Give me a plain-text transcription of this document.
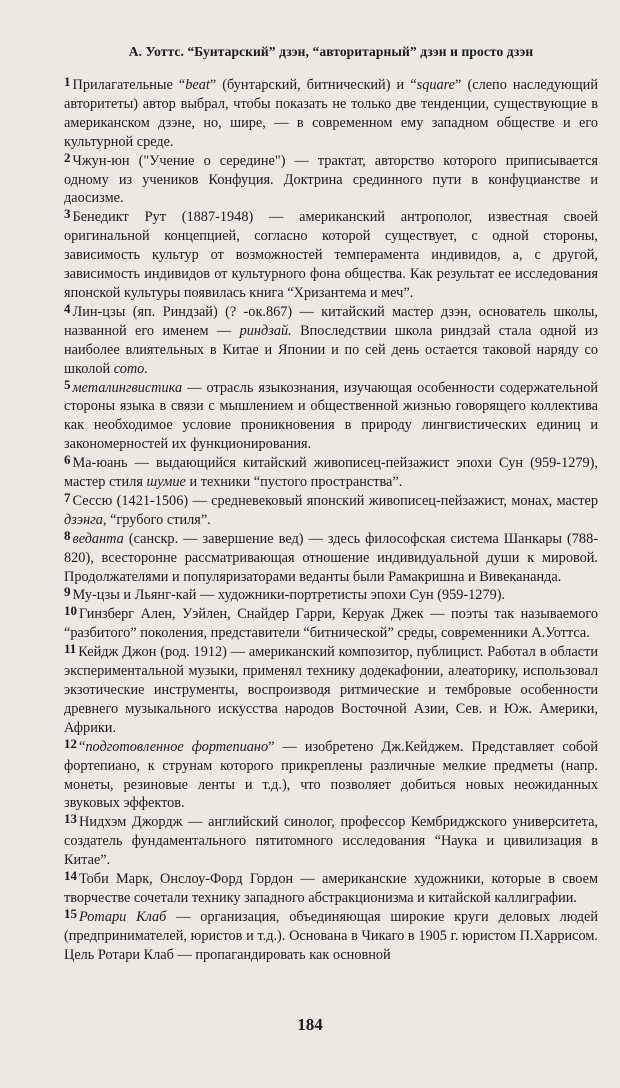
А. Уоттс. “Бунтарский” дзэн, “авторитарный” дзэн и просто дзэн

1 Прилагательные “beat” (бунтарский, битнический) и “square” (слепо наследующий авторитеты) автор выбрал, чтобы показать не только две тенденции, существующие в американском дзэне, но, шире, — в современном ему западном обществе и его культурной среде.

2 Чжун-юн ("Учение о середине") — трактат, авторство которого приписывается одному из учеников Конфуция. Доктрина срединного пути в конфуцианстве и даосизме.

3 Бенедикт Рут (1887-1948) — американский антрополог, известная своей оригинальной концепцией, согласно которой существует, с одной стороны, зависимость культур от возможностей темперамента индивидов, а, с другой, зависимость индивидов от культурного фона общества. Как результат ее исследования японской культуры появилась книга “Хризантема и меч”.

4 Лин-цзы (яп. Риндзай) (? -ок.867) — китайский мастер дзэн, основатель школы, названной его именем — риндзай. Впоследствии школа риндзай стала одной из наиболее влиятельных в Китае и Японии и по сей день остается таковой наряду со школой сото.

5 металингвистика — отрасль языкознания, изучающая особенности содержательной стороны языка в связи с мышлением и общественной жизнью говорящего коллектива как необходимое условие проникновения в природу лингвистических единиц и закономерностей их функционирования.

6 Ма-юань — выдающийся китайский живописец-пейзажист эпохи Сун (959-1279), мастер стиля шумие и техники “пустого пространства”.

7 Сессю (1421-1506) — средневековый японский живописец-пейзажист, монах, мастер дзэнга, “грубого стиля”.

8 веданта (санскр. — завершение вед) — здесь философская система Шанкары (788-820), всесторонне рассматривающая отношение индивидуальной души к мировой. Продолжателями и популяризаторами веданты были Рамакришна и Вивекананда.

9 Му-цзы и Льянг-кай — художники-портретисты эпохи Сун (959-1279).

10 Гинзберг Ален, Уэйлен, Снайдер Гарри, Керуак Джек — поэты так называемого “разбитого” поколения, представители “битнической” среды, современники А.Уоттса.

11 Кейдж Джон (род. 1912) — американский композитор, публицист. Работал в области экспериментальной музыки, применял технику додекафонии, алеаторику, использовал экзотические инструменты, воспроизводя ритмические и тембровые особенности древнего музыкального искусства народов Восточной Азии, Сев. и Юж. Америки, Африки.

12 “подготовленное фортепиано” — изобретено Дж.Кейджем. Представляет собой фортепиано, к струнам которого прикреплены различные мелкие предметы (напр. монеты, резиновые ленты и т.д.), что позволяет добиться новых неожиданных звуковых эффектов.

13 Нидхэм Джордж — английский синолог, профессор Кембриджского университета, создатель фундаментального пятитомного исследования “Наука и цивилизация в Китае”.

14 Тоби Марк, Онслоу-Форд Гордон — американские художники, которые в своем творчестве сочетали технику западного абстракционизма и китайской каллиграфии.

15 Ротари Клаб — организация, объединяющая широкие круги деловых людей (предпринимателей, юристов и т.д.). Основана в Чикаго в 1905 г. юристом П.Харрисом. Цель Ротари Клаб — пропагандировать как основной

184
